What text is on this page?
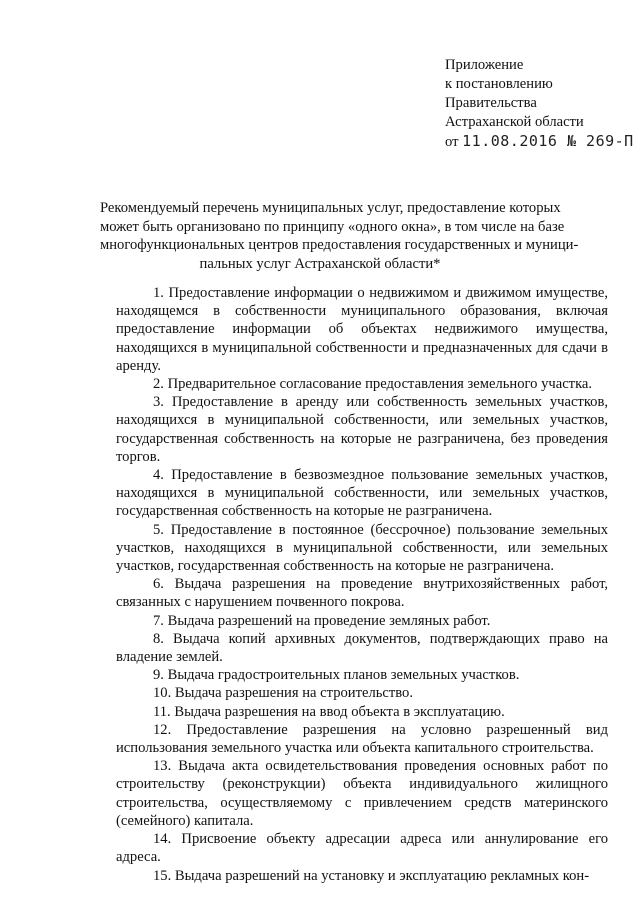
Приложение
к постановлению
Правительства
Астраханской области
от 11.08.2016 № 269-П
Рекомендуемый перечень муниципальных услуг, предоставление которых
может быть организовано по принципу «одного окна», в том числе на базе
многофункциональных центров предоставления государственных и муници-
пальных услуг Астраханской области*

1. Предоставление информации о недвижимом и движимом имуществе, находящемся в собственности муниципального образования, включая предоставление информации об объектах недвижимого имущества, находящихся в муниципальной собственности и предназначенных для сдачи в аренду.

2. Предварительное согласование предоставления земельного участка.

3. Предоставление в аренду или собственность земельных участков, находящихся в муниципальной собственности, или земельных участков, государственная собственность на которые не разграничена, без проведения торгов.

4. Предоставление в безвозмездное пользование земельных участков, находящихся в муниципальной собственности, или земельных участков, государственная собственность на которые не разграничена.

5. Предоставление в постоянное (бессрочное) пользование земельных участков, находящихся в муниципальной собственности, или земельных участков, государственная собственность на которые не разграничена.

6. Выдача разрешения на проведение внутрихозяйственных работ, связанных с нарушением почвенного покрова.

7. Выдача разрешений на проведение земляных работ.

8. Выдача копий архивных документов, подтверждающих право на владение землей.

9. Выдача градостроительных планов земельных участков.

10. Выдача разрешения на строительство.

11. Выдача разрешения на ввод объекта в эксплуатацию.

12. Предоставление разрешения на условно разрешенный вид использования земельного участка или объекта капитального строительства.

13. Выдача акта освидетельствования проведения основных работ по строительству (реконструкции) объекта индивидуального жилищного строительства, осуществляемому с привлечением средств материнского (семейного) капитала.

14. Присвоение объекту адресации адреса или аннулирование его адреса.

15. Выдача разрешений на установку и эксплуатацию рекламных кон-
